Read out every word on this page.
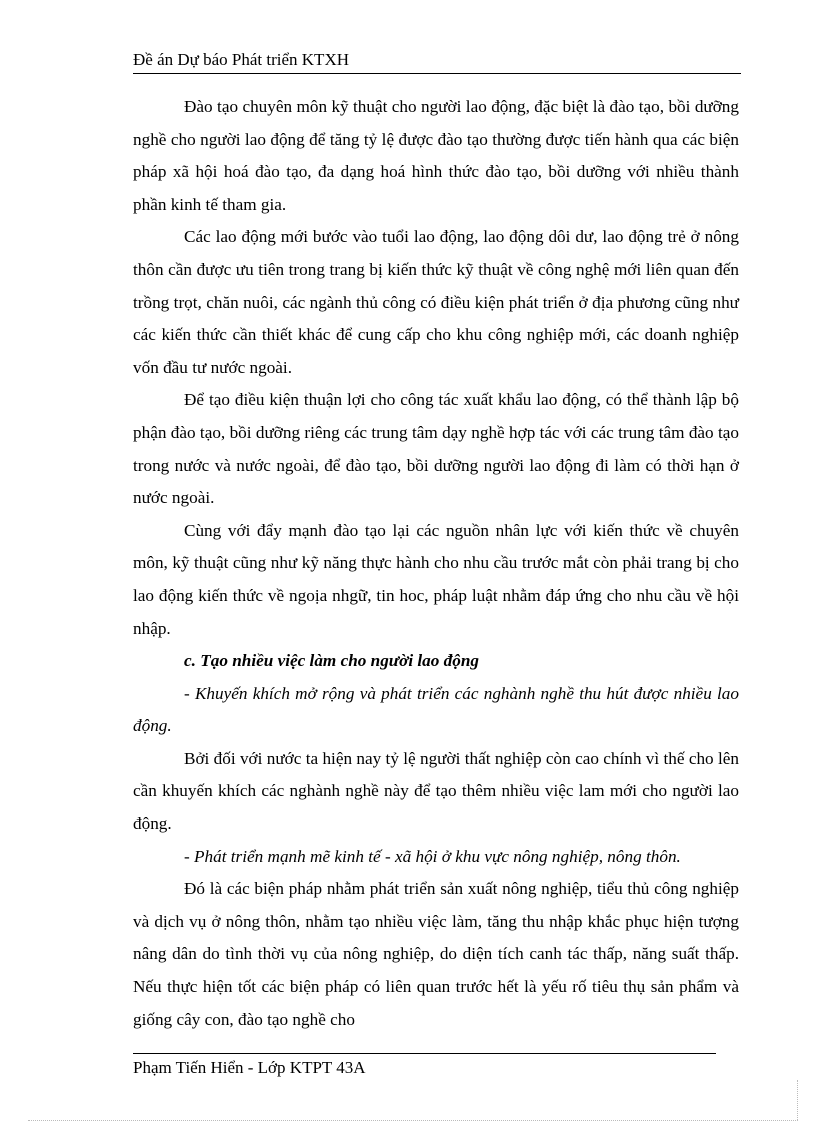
Đề án Dự báo Phát triển KTXH

Đào tạo chuyên môn kỹ thuật cho người lao động, đặc biệt là đào tạo, bồi dưỡng nghề cho người lao động để tăng tỷ lệ được đào tạo thường được tiến hành qua các biện pháp xã hội hoá đào tạo, đa dạng hoá hình thức đào tạo, bồi dưỡng với nhiều thành phần kinh tế tham gia.

Các lao động mới bước vào tuổi lao động, lao động dôi dư, lao động trẻ ở nông thôn cần được ưu tiên trong trang bị kiến thức kỹ thuật về công nghệ mới liên quan đến trồng trọt, chăn nuôi, các ngành thủ công có điều kiện phát triển ở địa phương cũng như các kiến thức cần thiết khác để cung cấp cho khu công nghiệp mới, các doanh nghiệp vốn đầu tư nước ngoài.

Để tạo điều kiện thuận lợi cho công tác xuất khẩu lao động, có thể thành lập bộ phận đào tạo, bồi dưỡng riêng các trung tâm dạy nghề hợp tác với các trung tâm đào tạo trong nước và nước ngoài, để đào tạo, bồi dưỡng người lao động đi làm có thời hạn ở nước ngoài.

Cùng với đẩy mạnh đào tạo lại các nguồn nhân lực với kiến thức về chuyên môn, kỹ thuật cũng như kỹ năng thực hành cho nhu cầu trước mắt còn phải trang bị cho lao động kiến thức về ngoịa nhgữ, tin hoc, pháp luật nhằm đáp ứng cho nhu cầu về hội nhập.

c. Tạo nhiều việc làm cho người lao động

- Khuyến khích mở rộng và phát triển các nghành nghề thu hút được nhiều lao động.

Bởi đối với nước ta hiện nay tỷ lệ người thất nghiệp còn cao chính vì thế cho lên cần khuyến khích các nghành nghề này để tạo thêm nhiều việc lam mới cho người lao động.

- Phát triển mạnh mẽ kinh tế - xã hội ở khu vực nông nghiệp, nông thôn.

Đó là các biện pháp nhằm phát triển sản xuất nông nghiệp, tiểu thủ công nghiệp và dịch vụ ở nông thôn, nhằm tạo nhiều việc làm, tăng thu nhập khắc phục hiện tượng nâng dân do tình thời vụ của nông nghiệp, do diện tích canh tác thấp, năng suất thấp. Nếu thực hiện tốt các biện pháp có liên quan trước hết là yếu rố tiêu thụ sản phẩm và giống cây con, đào tạo nghề cho

Phạm Tiến Hiển - Lớp KTPT 43A
